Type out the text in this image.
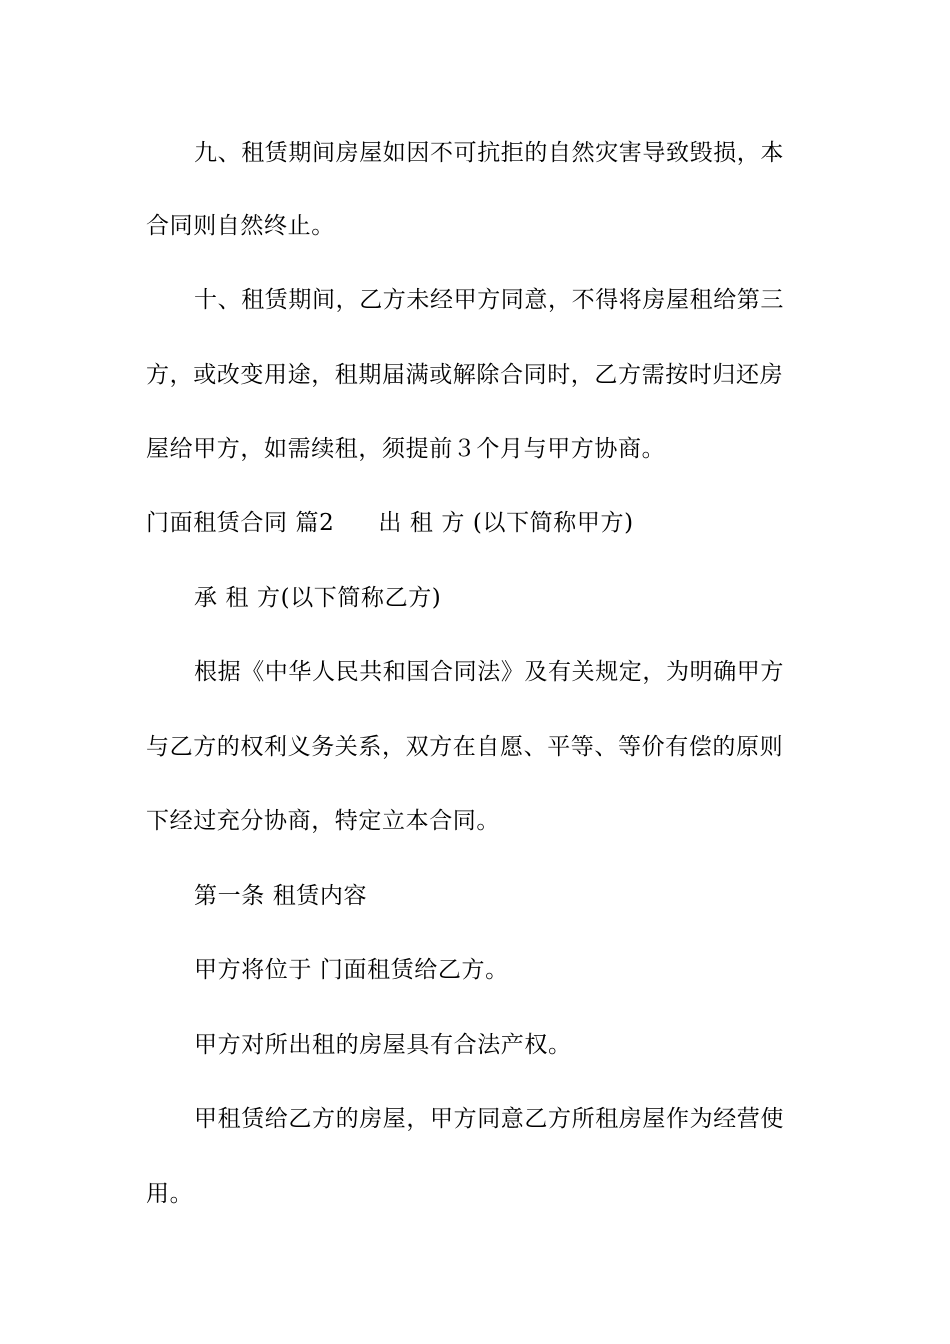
九、租赁期间房屋如因不可抗拒的自然灾害导致毁损，本
合同则自然终止。
十、租赁期间，乙方未经甲方同意，不得将房屋租给第三
方，或改变用途，租期届满或解除合同时，乙方需按时归还房
屋给甲方，如需续租，须提前３个月与甲方协商。
门面租赁合同 篇2 出 租 方 (以下简称甲方)
承 租 方(以下简称乙方)
根据《中华人民共和国合同法》及有关规定，为明确甲方
与乙方的权利义务关系，双方在自愿、平等、等价有偿的原则
下经过充分协商，特定立本合同。
第一条 租赁内容
甲方将位于 门面租赁给乙方。
甲方对所出租的房屋具有合法产权。
甲租赁给乙方的房屋，甲方同意乙方所租房屋作为经营使
用。
